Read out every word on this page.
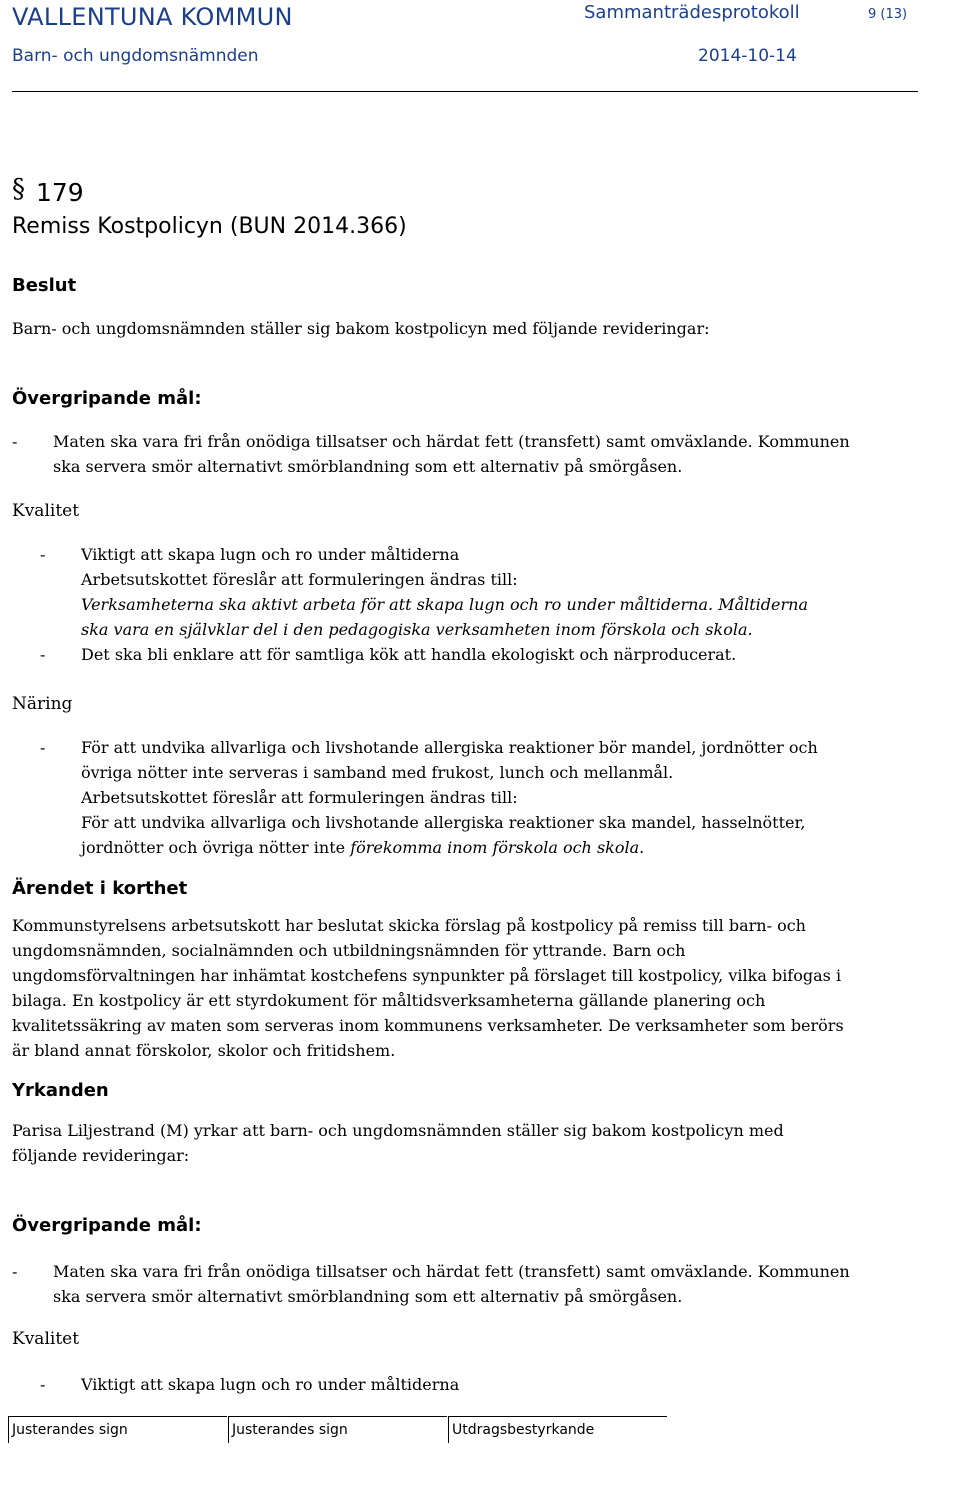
VALLENTUNA KOMMUN	Sammanträdesprotokoll	9 (13)
Barn- och ungdomsnämnden	2014-10-14
§ 179
Remiss Kostpolicyn (BUN 2014.366)
Beslut
Barn- och ungdomsnämnden ställer sig bakom kostpolicyn med följande revideringar:
Övergripande mål:
- Maten ska vara fri från onödiga tillsatser och härdat fett (transfett) samt omväxlande. Kommunen
ska servera smör alternativt smörblandning som ett alternativ på smörgåsen.
Kvalitet
- Viktigt att skapa lugn och ro under måltiderna
Arbetsutskottet föreslår att formuleringen ändras till:
Verksamheterna ska aktivt arbeta för att skapa lugn och ro under måltiderna. Måltiderna
ska vara en självklar del i den pedagogiska verksamheten inom förskola och skola.
- Det ska bli enklare att för samtliga kök att handla ekologiskt och närproducerat.
Näring
- För att undvika allvarliga och livshotande allergiska reaktioner bör mandel, jordnötter och
övriga nötter inte serveras i samband med frukost, lunch och mellanmål.
Arbetsutskottet föreslår att formuleringen ändras till:
För att undvika allvarliga och livshotande allergiska reaktioner ska mandel, hasselnötter,
jordnötter och övriga nötter inte förekomma inom förskola och skola.
Ärendet i korthet
Kommunstyrelsens arbetsutskott har beslutat skicka förslag på kostpolicy på remiss till barn- och
ungdomsnämnden, socialnämnden och utbildningsnämnden för yttrande. Barn och
ungdomsförvaltningen har inhämtat kostchefens synpunkter på förslaget till kostpolicy, vilka bifogas i
bilaga. En kostpolicy är ett styrdokument för måltidsverksamheterna gällande planering och
kvalitetssäkring av maten som serveras inom kommunens verksamheter. De verksamheter som berörs
är bland annat förskolor, skolor och fritidshem.
Yrkanden
Parisa Liljestrand (M) yrkar att barn- och ungdomsnämnden ställer sig bakom kostpolicyn med
följande revideringar:
Övergripande mål:
- Maten ska vara fri från onödiga tillsatser och härdat fett (transfett) samt omväxlande. Kommunen
ska servera smör alternativt smörblandning som ett alternativ på smörgåsen.
Kvalitet
- Viktigt att skapa lugn och ro under måltiderna
Justerandes sign	Justerandes sign	Utdragsbestyrkande
